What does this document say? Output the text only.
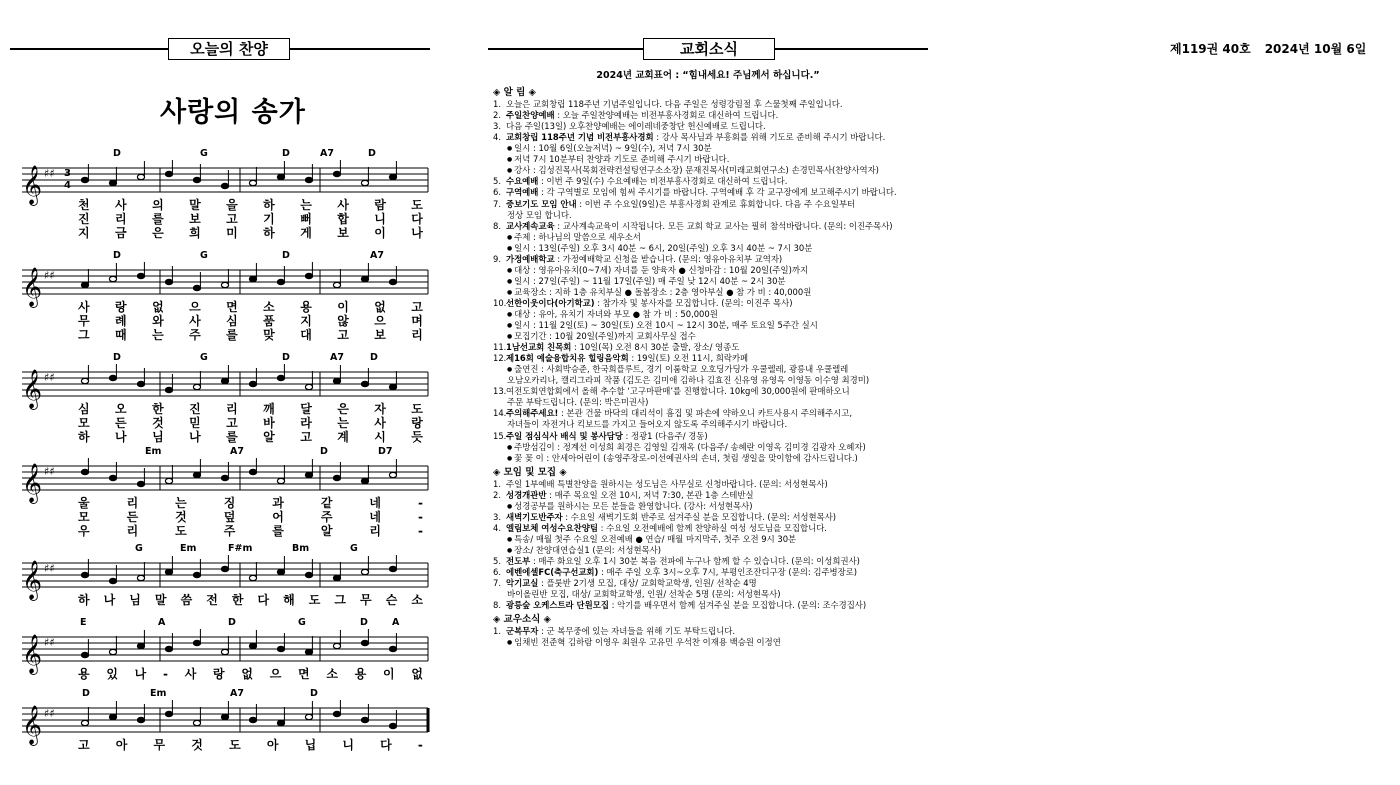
오늘의 찬양	교회소식	제119권 40호 2024년 10월 6일
사랑의 송가
D	G	D	A7	D
𝄞 ♯♯
4
3
천 사 의 말 을 하 는 사 람 도
진 리 를 보 고 기 뻐 합 니 다
지 금 은 희 미 하 게 보 이 나
D	G	D	A7
𝄞 ♯♯
사 랑 없 으 면 소 용 이 없 고
무 례 와 사 심 품 지 않 으 며
그 때 는 주 를 맞 대 고 보 리
D	G	D	A7	D
𝄞 ♯♯
심 오 한 진 리 깨 달 은 자 도
모 든 것 믿 고 바 라 는 사 랑
하 나 님 나 를 알 고 계 시 듯
Em	A7	D	D7
𝄞 ♯♯
울	리	는	징	과	같	네	-
모	든	것	덮	어	주	네	-
우	리	도	주	를	알	리	-
G	Em	F#m	Bm	G
𝄞 ♯♯
하 나 님 말 씀 전 한 다 해 도 그 무 슨 소
E	A	D	G	D	A
𝄞 ♯♯
용 있 나 - 사 랑 없 으 면 소 용 이 없
D	Em	A7	D
𝄞 ♯♯
고 아 무 것 도 아 닙 니 다 -
2024년 교회표어 : “힘내세요! 주님께서 하십니다.”
◈ 알 림 ◈
1. 오늘은 교회창립 118주년 기념주일입니다. 다음 주일은 성령강림절 후 스물첫째 주일입니다.
2. 주일찬양예배 : 오늘 주일찬양예배는 비전부흥사경회로 대신하여 드립니다.
3. 다음 주일(13일) 오후찬양예배는 에이레네중창단 헌신예배로 드립니다.
4. 교회창립 118주년 기념 비전부흥사경회 : 강사 목사님과 부흥회를 위해 기도로 준비해 주시기 바랍니다.
● 일시 : 10월 6일(오늘저녁) ~ 9일(수), 저녁 7시 30분
● 저녁 7시 10분부터 찬양과 기도로 준비해 주시기 바랍니다.
● 강사 : 김성진목사(목회전략컨설팅연구소소장) 문재진목사(미래교회연구소) 손경민목사(찬양사역자)
5. 수요예배 : 이번 주 9일(수) 수요예배는 비전부흥사경회로 대신하여 드립니다.
6. 구역예배 : 각 구역별로 모임에 힘써 주시기를 바랍니다. 구역예배 후 각 교구장에게 보고해주시기 바랍니다.
7. 중보기도 모임 안내 : 이번 주 수요일(9일)은 부흥사경회 관계로 휴회합니다. 다음 주 수요일부터
정상 모임 합니다.
8. 교사계속교육 : 교사계속교육이 시작됩니다. 모든 교회 학교 교사는 필히 참석바랍니다. (문의: 이진주목사)
● 주제 : 하나님의 말씀으로 세우소서
● 일시 : 13일(주일) 오후 3시 40분 ~ 6시, 20일(주일) 오후 3시 40분 ~ 7시 30분
9. 가정예배학교 : 가정예배학교 신청을 받습니다. (문의: 영유아유치부 교역자)
● 대상 : 영유아유치(0~7세) 자녀를 둔 양육자 ● 신청마감 : 10월 20일(주일)까지
● 일시 : 27일(주일) ~ 11월 17일(주일) 매 주일 낮 12시 40분 ~ 2시 30분
● 교육장소 : 지하 1층 유치부실 ● 돌봄장소 : 2층 영아부실 ● 참 가 비 : 40,000원
10.선한이웃이다(아기학교) : 참가자 및 봉사자를 모집합니다. (문의: 이진주 목사)
● 대상 : 유아, 유치기 자녀와 부모 ● 참 가 비 : 50,000원
● 일시 : 11월 2일(토) ~ 30일(토) 오전 10시 ~ 12시 30분, 매주 토요일 5주간 실시
● 모집기간 : 10월 20일(주일)까지 교회사무실 접수
11.1남선교회 친목회 : 10일(목) 오전 8시 30분 출발, 장소/ 영종도
12.제16회 예술융합치유 힐링음악회 : 19일(토) 오전 11시, 희락카페
● 출연진 : 사회박승준, 한국희플루트, 경기 이룸학교 오호딩가딩가 우쿨렐레, 광릉내 우쿨렐레
오남오카리나, 캘리그라피 작품 (김도은 김미애 김하나 김효진 신유영 유영옥 이영동 이수영 최경미)
13.여전도회연합회에서 올해 추수할 ‘고구마판매’를 진행합니다. 10kg에 30,000원에 판매하오니
주문 부탁드립니다. (문의: 박은미권사)
14.주의해주세요! : 본관 건물 바닥의 대리석이 흠집 및 파손에 약하오니 카트사용시 주의해주시고,
자녀들이 자전거나 킥보드를 가지고 들어오지 않도록 주의해주시기 바랍니다.
15.주일 점심식사 배식 및 봉사담당 : 정광1 (다음주/ 경동)
● 주방섬김이 : 정계선 이성희 최경은 김영일 김재옥 (다음주/ 송혜란 이영옥 김미경 김광자 오혜자)
● 꽃 꽂 이 : 안세아어린이 (송영주장로-이선예권사의 손녀, 첫림 생일을 맞이함에 감사드립니다.)
◈ 모임 및 모집 ◈
1. 주일 1부예배 특별찬양을 원하시는 성도님은 사무실로 신청바랍니다. (문의: 서성현목사)
2. 성경개관반 : 매주 목요일 오전 10시, 저녁 7:30, 본관 1층 스테반실
● 성경공부를 원하시는 모든 분들을 환영합니다. (강사: 서성현목사)
3. 새벽기도반주자 : 수요일 새벽기도회 반주로 섬겨주실 분을 모집합니다. (문의: 서성현목사)
4. 엘림보체 여성수요찬양팀 : 수요일 오전예배에 함께 찬양하실 여성 성도님을 모집합니다.
● 특송/ 매월 첫주 수요일 오전예배 ● 연습/ 매월 마지막주, 첫주 오전 9시 30분
● 장소/ 찬양대연습실1 (문의: 서성현목사)
5. 전도부 : 매주 화요일 오후 1시 30분 복음 전파에 누구나 함께 할 수 있습니다. (문의: 이성희권사)
6. 에벤에셀FC(축구선교회) : 매주 주일 오후 3시~오후 7시, 부평인조잔디구장 (문의: 김주병장로)
7. 악기교실 : 플룻반 2기생 모집, 대상/ 교회학교학생, 인원/ 선착순 4명
바이올린반 모집, 대상/ 교회학교학생, 인원/ 선착순 5명 (문의: 서성현목사)
8. 광릉숲 오케스트라 단원모집 : 악기를 배우면서 함께 섬겨주실 분을 모집합니다. (문의: 조수경집사)
◈ 교우소식 ◈
1. 군복무자 : 군 복무중에 있는 자녀들을 위해 기도 부탁드립니다.
● 임채빈 전준혁 김하람 이영우 최원우 고유민 우석찬 이재용 백승원 이정연
